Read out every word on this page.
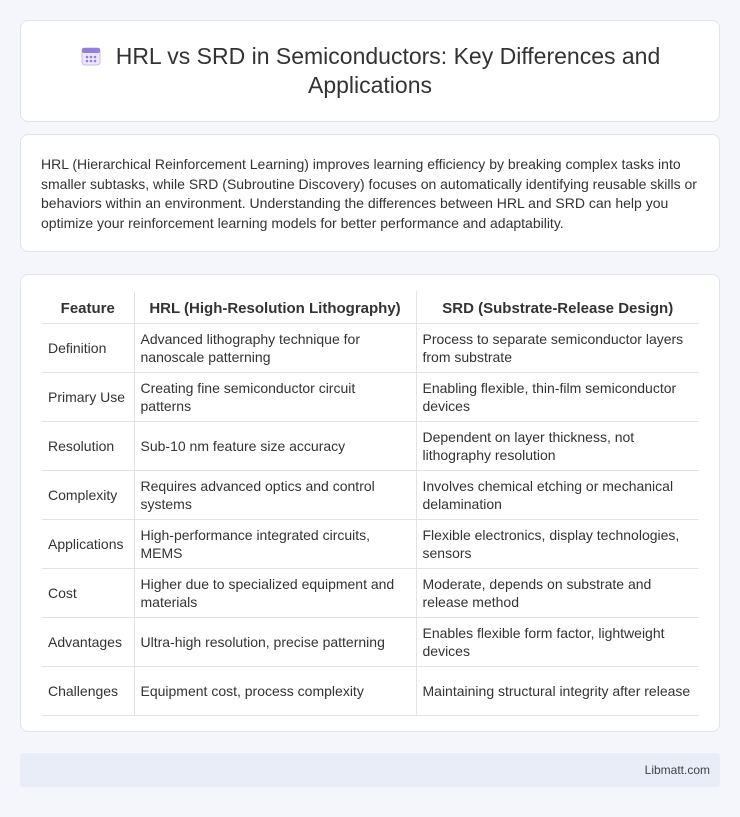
HRL vs SRD in Semiconductors: Key Differences and Applications

HRL (Hierarchical Reinforcement Learning) improves learning efficiency by breaking complex tasks into smaller subtasks, while SRD (Subroutine Discovery) focuses on automatically identifying reusable skills or behaviors within an environment. Understanding the differences between HRL and SRD can help you optimize your reinforcement learning models for better performance and adaptability.

Feature	HRL (High-Resolution Lithography)	SRD (Substrate-Release Design)
Definition	Advanced lithography technique for nanoscale patterning	Process to separate semiconductor layers from substrate
Primary Use	Creating fine semiconductor circuit patterns	Enabling flexible, thin-film semiconductor devices
Resolution	Sub-10 nm feature size accuracy	Dependent on layer thickness, not lithography resolution
Complexity	Requires advanced optics and control systems	Involves chemical etching or mechanical delamination
Applications	High-performance integrated circuits, MEMS	Flexible electronics, display technologies, sensors
Cost	Higher due to specialized equipment and materials	Moderate, depends on substrate and release method
Advantages	Ultra-high resolution, precise patterning	Enables flexible form factor, lightweight devices
Challenges	Equipment cost, process complexity	Maintaining structural integrity after release
Libmatt.com
